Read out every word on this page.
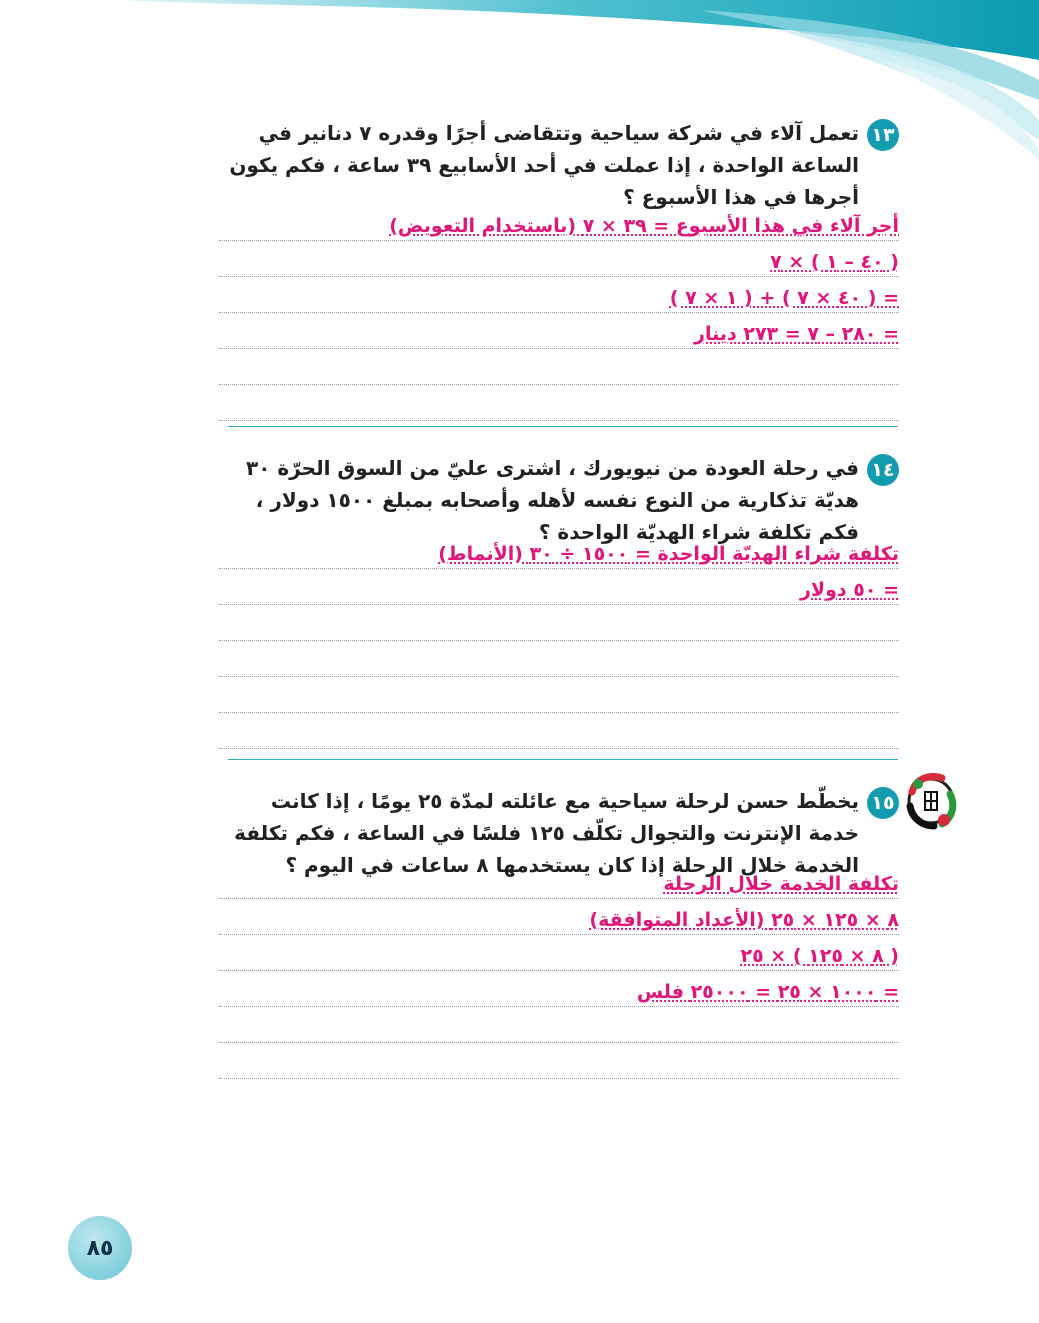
١٣
تعمل آلاء في شركة سياحية وتتقاضى أجرًا وقدره ٧ دنانير في الساعة الواحدة ، إذا عملت في أحد الأسابيع ٣٩ ساعة ، فكم يكون أجرها في هذا الأسبوع ؟
أجر آلاء في هذا الأسبوع = ٣٩ × ٧ (باستخدام التعويض)
( ٤٠ – ١ ) × ٧
= ( ٤٠ × ٧ ) + ( ١ × ٧ )
= ٢٨٠ – ٧ = ٢٧٣ دينار
١٤
في رحلة العودة من نيويورك ، اشترى عليّ من السوق الحرّة ٣٠ هديّة تذكارية من النوع نفسه لأهله وأصحابه بمبلغ ١٥٠٠ دولار ، فكم تكلفة شراء الهديّة الواحدة ؟
تكلفة شراء الهديّة الواحدة = ١٥٠٠ ÷ ٣٠ (الأنماط)
= ٥٠ دولار
١٥
يخطّط حسن لرحلة سياحية مع عائلته لمدّة ٢٥ يومًا ، إذا كانت خدمة الإنترنت والتجوال تكلّف ١٢٥ فلسًا في الساعة ، فكم تكلفة الخدمة خلال الرحلة إذا كان يستخدمها ٨ ساعات في اليوم ؟
تكلفة الخدمة خلال الرحلة
٨ × ١٢٥ × ٢٥ (الأعداد المتوافقة)
( ٨ × ١٢٥ ) × ٢٥
= ١٠٠٠ × ٢٥ = ٢٥٠٠٠ فلس
٨٥
